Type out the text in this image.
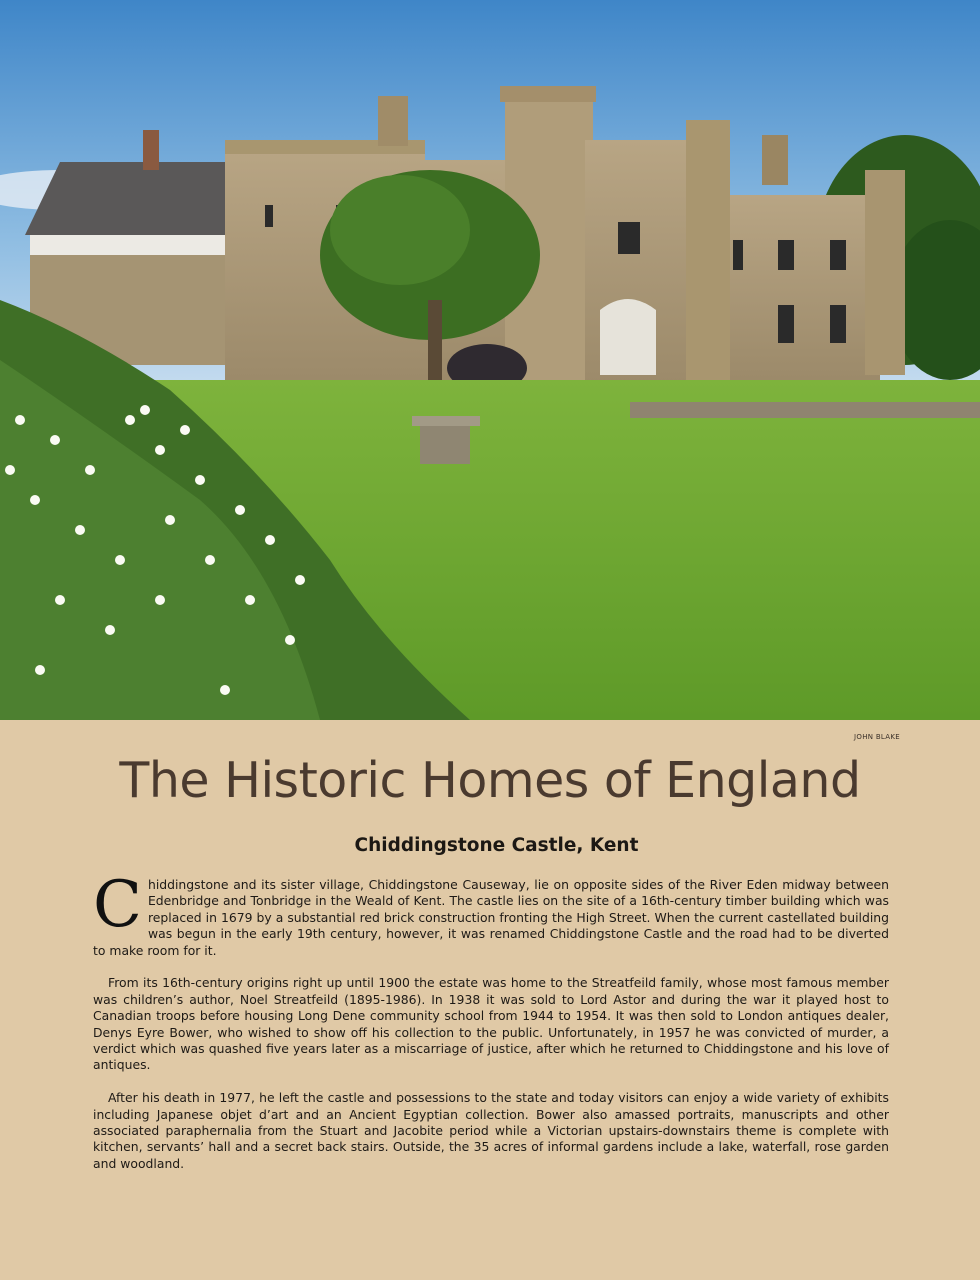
JOHN BLAKE
The Historic Homes of England
Chiddingstone Castle, Kent

Chiddingstone and its sister village, Chiddingstone Causeway, lie on opposite sides of the River Eden midway between Edenbridge and Tonbridge in the Weald of Kent. The castle lies on the site of a 16th-century timber building which was replaced in 1679 by a substantial red brick construction fronting the High Street. When the current castellated building was begun in the early 19th century, however, it was renamed Chiddingstone Castle and the road had to be diverted to make room for it.

From its 16th-century origins right up until 1900 the estate was home to the Streatfeild family, whose most famous member was children’s author, Noel Streatfeild (1895-1986). In 1938 it was sold to Lord Astor and during the war it played host to Canadian troops before housing Long Dene community school from 1944 to 1954. It was then sold to London antiques dealer, Denys Eyre Bower, who wished to show off his collection to the public. Unfortunately, in 1957 he was convicted of murder, a verdict which was quashed five years later as a miscarriage of justice, after which he returned to Chiddingstone and his love of antiques.

After his death in 1977, he left the castle and possessions to the state and today visitors can enjoy a wide variety of exhibits including Japanese objet d’art and an Ancient Egyptian collection. Bower also amassed portraits, manuscripts and other associated paraphernalia from the Stuart and Jacobite period while a Victorian upstairs-downstairs theme is complete with kitchen, servants’ hall and a secret back stairs. Outside, the 35 acres of informal gardens include a lake, waterfall, rose garden and woodland.
